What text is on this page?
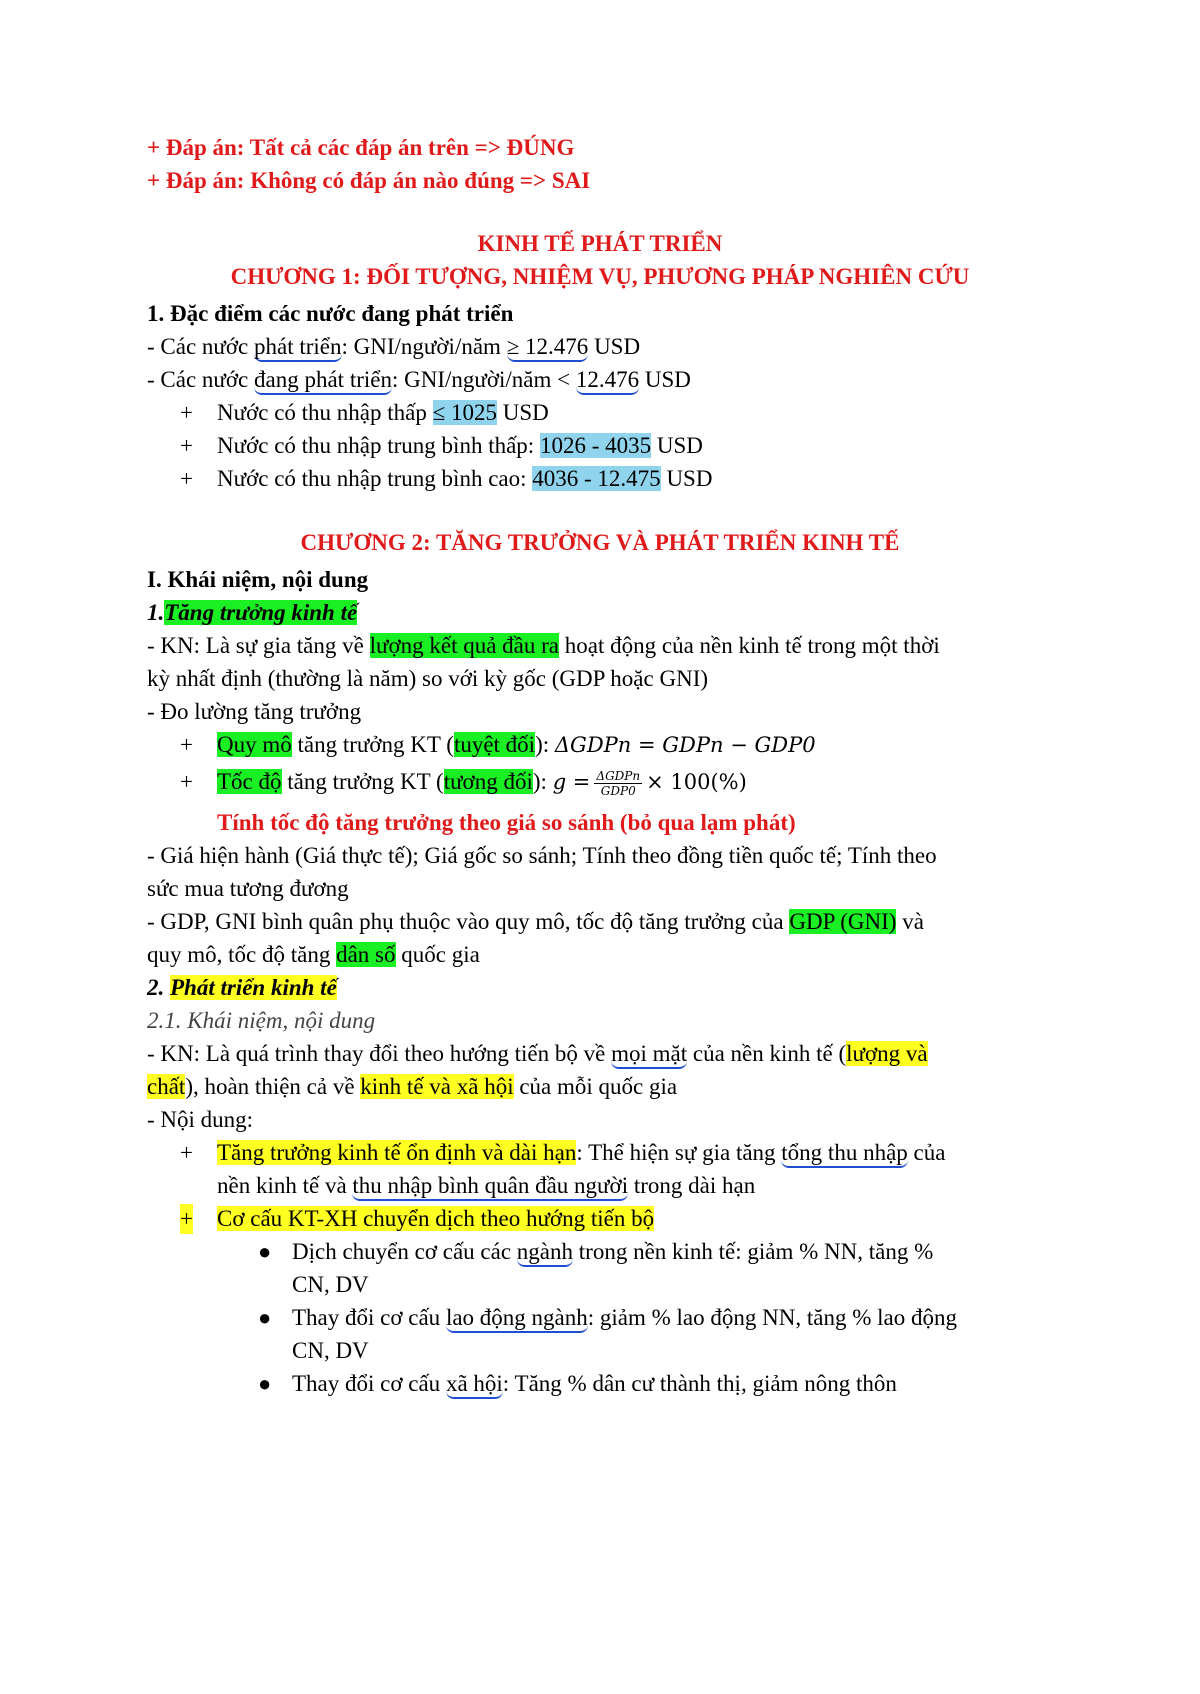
+ Đáp án: Tất cả các đáp án trên => ĐÚNG
+ Đáp án: Không có đáp án nào đúng => SAI
KINH TẾ PHÁT TRIỂN
CHƯƠNG 1: ĐỐI TƯỢNG, NHIỆM VỤ, PHƯƠNG PHÁP NGHIÊN CỨU
1. Đặc điểm các nước đang phát triển
- Các nước phát triển: GNI/người/năm ≥ 12.476 USD
- Các nước đang phát triển: GNI/người/năm < 12.476 USD
+ Nước có thu nhập thấp ≤ 1025 USD
+ Nước có thu nhập trung bình thấp: 1026 - 4035 USD
+ Nước có thu nhập trung bình cao: 4036 - 12.475 USD
CHƯƠNG 2: TĂNG TRƯỞNG VÀ PHÁT TRIỂN KINH TẾ
I. Khái niệm, nội dung
1.Tăng trưởng kinh tế
- KN: Là sự gia tăng về lượng kết quả đầu ra hoạt động của nền kinh tế trong một thời
kỳ nhất định (thường là năm) so với kỳ gốc (GDP hoặc GNI)
- Đo lường tăng trưởng
+ Quy mô tăng trưởng KT (tuyệt đối): ΔGDPn = GDPn − GDP0
+ Tốc độ tăng trưởng KT (tương đối): $g = \frac{\text{ΔGDPn}}{\text{GDP0}} \times 100(\%)$
Tính tốc độ tăng trưởng theo giá so sánh (bỏ qua lạm phát)
- Giá hiện hành (Giá thực tế); Giá gốc so sánh; Tính theo đồng tiền quốc tế; Tính theo
sức mua tương đương
- GDP, GNI bình quân phụ thuộc vào quy mô, tốc độ tăng trưởng của GDP (GNI) và
quy mô, tốc độ tăng dân số quốc gia
2. Phát triển kinh tế
2.1. Khái niệm, nội dung
- KN: Là quá trình thay đổi theo hướng tiến bộ về mọi mặt của nền kinh tế (lượng và
chất), hoàn thiện cả về kinh tế và xã hội của mỗi quốc gia
- Nội dung:
+ Tăng trưởng kinh tế ổn định và dài hạn: Thể hiện sự gia tăng tổng thu nhập của
nền kinh tế và thu nhập bình quân đầu người trong dài hạn
+ Cơ cấu KT-XH chuyển dịch theo hướng tiến bộ
● Dịch chuyển cơ cấu các ngành trong nền kinh tế: giảm % NN, tăng %
CN, DV
● Thay đổi cơ cấu lao động ngành: giảm % lao động NN, tăng % lao động
CN, DV
● Thay đổi cơ cấu xã hội: Tăng % dân cư thành thị, giảm nông thôn
